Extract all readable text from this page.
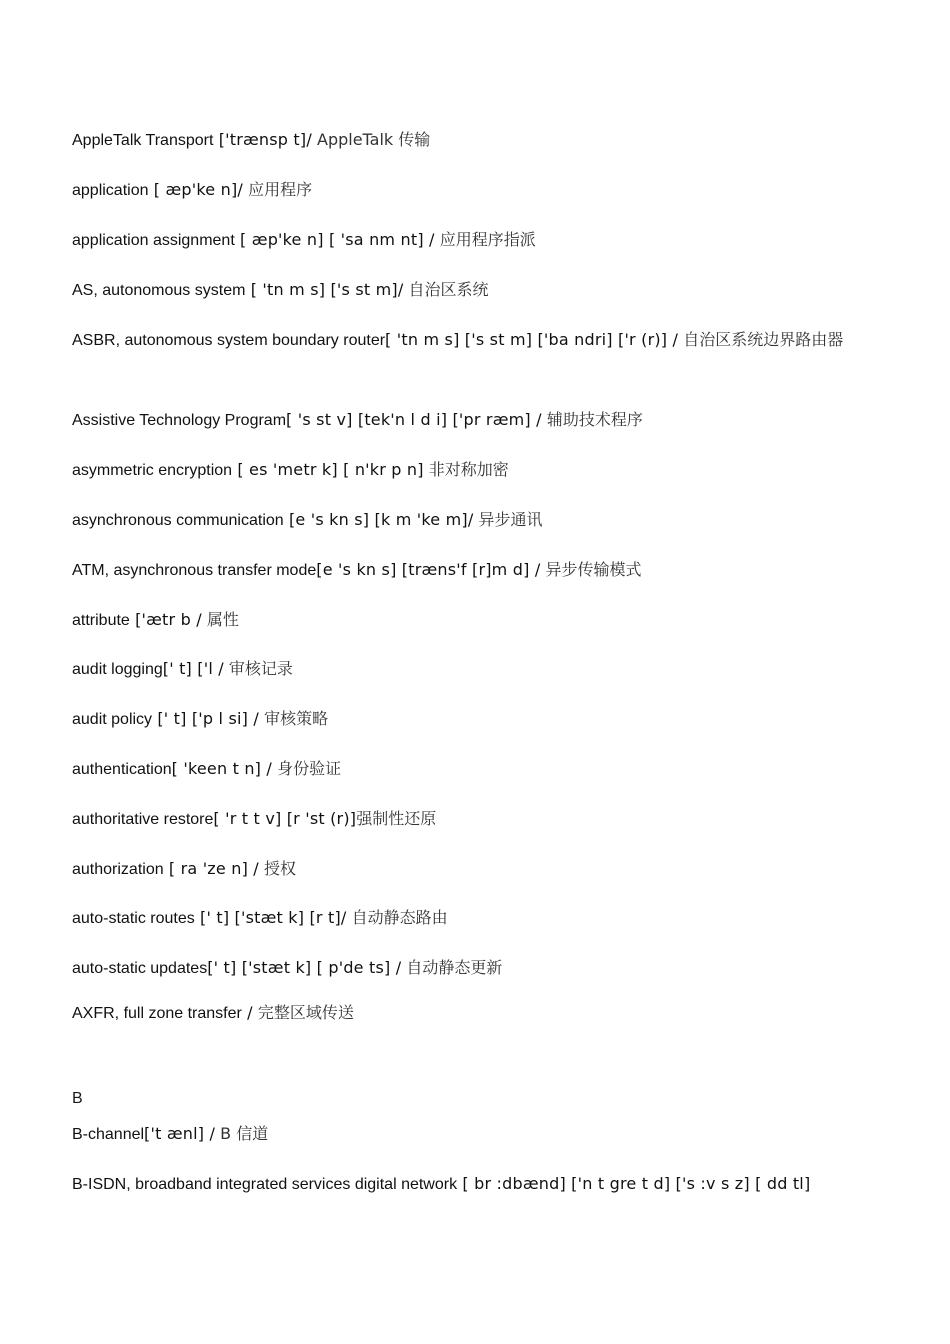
AppleTalk Transport ['trænsp t]/ AppleTalk 传输
application [ æp'ke n]/ 应用程序
application assignment [ æp'ke n] [ 'sa nm nt] / 应用程序指派
AS, autonomous system [ 'tn m s] ['s st m]/ 自治区系统
ASBR, autonomous system boundary router[ 'tn m s] ['s st m] ['ba ndri] ['r (r)] / 自治区系统边界路由器
Assistive Technology Program[ 's st v] [tek'n l d i] ['pr ræm] / 辅助技术程序
asymmetric encryption [ es 'metr k] [ n'kr p n] 非对称加密
asynchronous communication [e 's kn s] [k m 'ke m]/ 异步通讯
ATM, asynchronous transfer mode[e 's kn s] [træns'f [r]m d] / 异步传输模式
attribute ['ætr b / 属性
audit logging[' t] ['l / 审核记录
audit policy [' t] ['p l si] / 审核策略
authentication[ 'keen t n] / 身份验证
authoritative restore[ 'r t t v] [r 'st (r)]强制性还原
authorization [ ra 'ze n] / 授权
auto-static routes [' t] ['stæt k] [r t]/ 自动静态路由
auto-static updates[' t] ['stæt k] [ p'de ts] / 自动静态更新
AXFR, full zone transfer / 完整区域传送
B
B-channel['t ænl] / B 信道
B-ISDN, broadband integrated services digital network [ br :dbænd] ['n t gre t d] ['s :v s z] [ dd tl]
